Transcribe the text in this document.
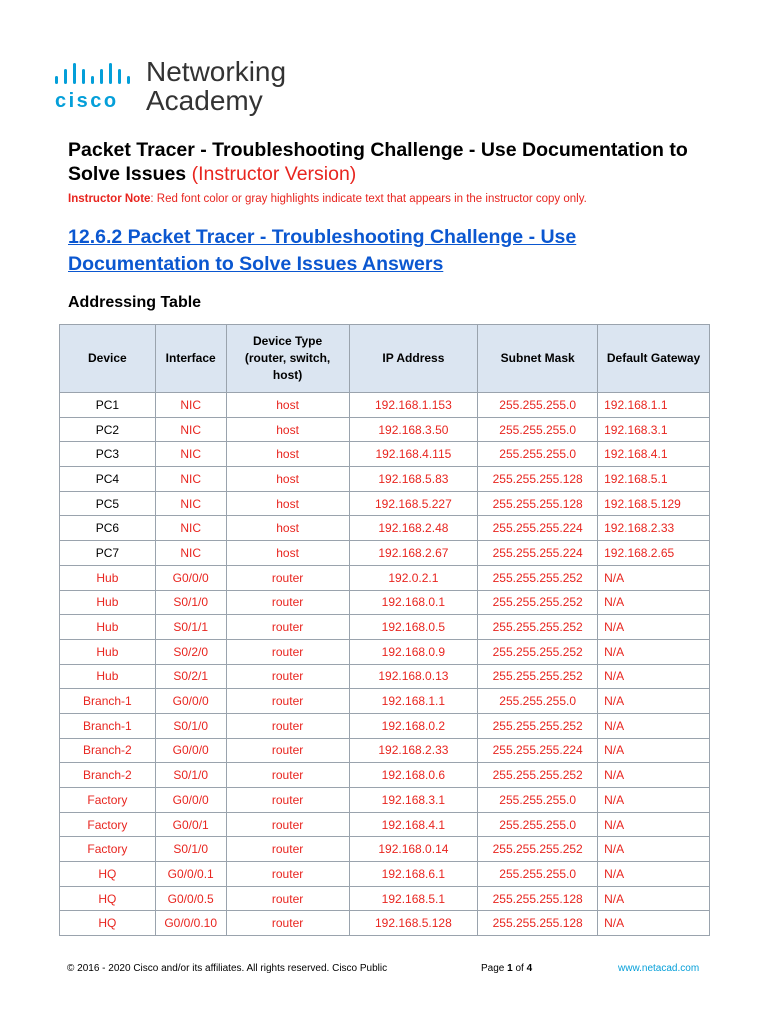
cisco
Networking
Academy
Packet Tracer - Troubleshooting Challenge - Use Documentation to Solve Issues (Instructor Version)
Instructor Note: Red font color or gray highlights indicate text that appears in the instructor copy only.
12.6.2 Packet Tracer - Troubleshooting Challenge - Use Documentation to Solve Issues Answers
Addressing Table
Device	Interface	Device Type (router, switch, host)	IP Address	Subnet Mask	Default Gateway
PC1	NIC	host	192.168.1.153	255.255.255.0	192.168.1.1
PC2	NIC	host	192.168.3.50	255.255.255.0	192.168.3.1
PC3	NIC	host	192.168.4.115	255.255.255.0	192.168.4.1
PC4	NIC	host	192.168.5.83	255.255.255.128	192.168.5.1
PC5	NIC	host	192.168.5.227	255.255.255.128	192.168.5.129
PC6	NIC	host	192.168.2.48	255.255.255.224	192.168.2.33
PC7	NIC	host	192.168.2.67	255.255.255.224	192.168.2.65
Hub	G0/0/0	router	192.0.2.1	255.255.255.252	N/A
Hub	S0/1/0	router	192.168.0.1	255.255.255.252	N/A
Hub	S0/1/1	router	192.168.0.5	255.255.255.252	N/A
Hub	S0/2/0	router	192.168.0.9	255.255.255.252	N/A
Hub	S0/2/1	router	192.168.0.13	255.255.255.252	N/A
Branch-1	G0/0/0	router	192.168.1.1	255.255.255.0	N/A
Branch-1	S0/1/0	router	192.168.0.2	255.255.255.252	N/A
Branch-2	G0/0/0	router	192.168.2.33	255.255.255.224	N/A
Branch-2	S0/1/0	router	192.168.0.6	255.255.255.252	N/A
Factory	G0/0/0	router	192.168.3.1	255.255.255.0	N/A
Factory	G0/0/1	router	192.168.4.1	255.255.255.0	N/A
Factory	S0/1/0	router	192.168.0.14	255.255.255.252	N/A
HQ	G0/0/0.1	router	192.168.6.1	255.255.255.0	N/A
HQ	G0/0/0.5	router	192.168.5.1	255.255.255.128	N/A
HQ	G0/0/0.10	router	192.168.5.128	255.255.255.128	N/A
© 2016 - 2020 Cisco and/or its affiliates. All rights reserved. Cisco Public	Page 1 of 4	www.netacad.com
